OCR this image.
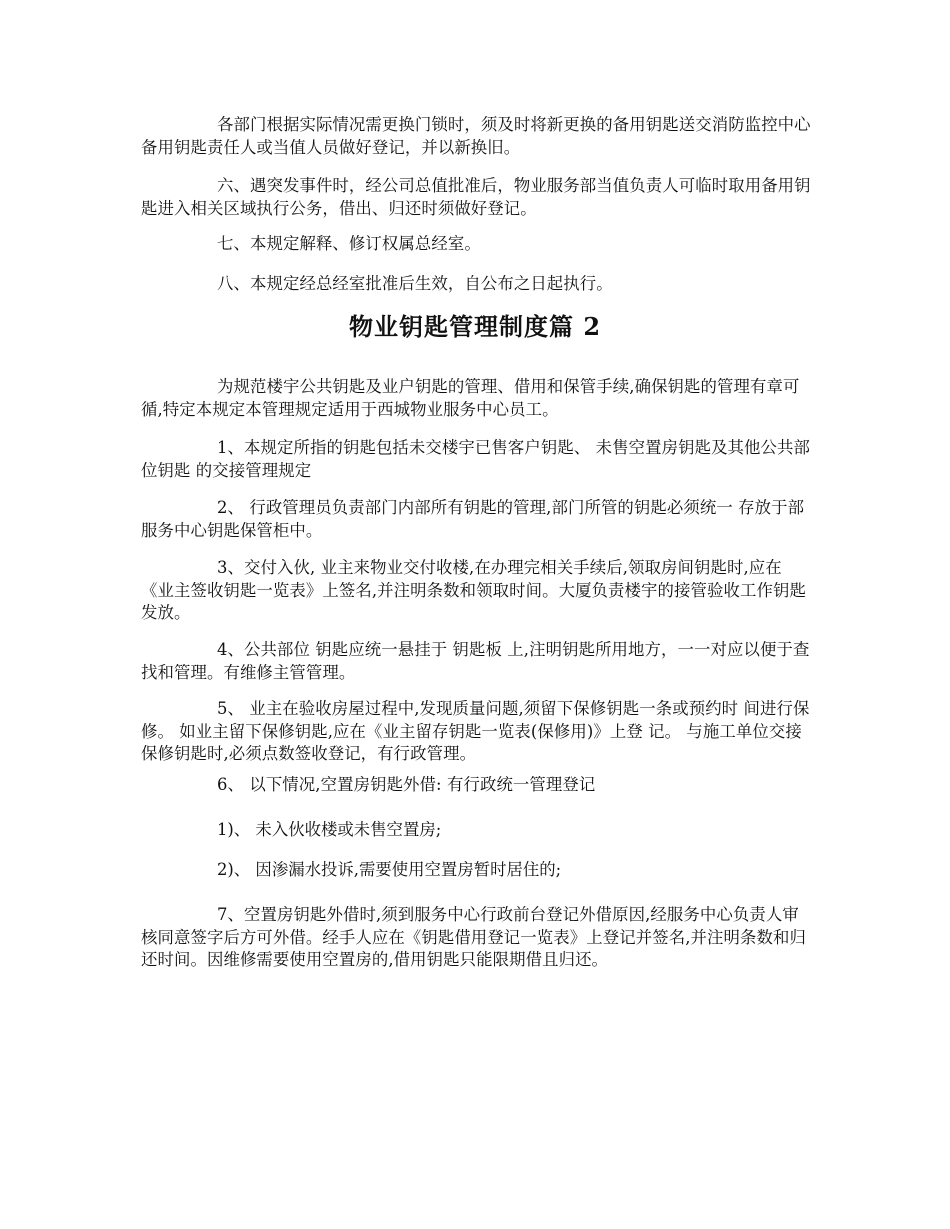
各部门根据实际情况需更换门锁时，须及时将新更换的备用钥匙送交消防监控中心备用钥匙责任人或当值人员做好登记，并以新换旧。

六、遇突发事件时，经公司总值批准后，物业服务部当值负责人可临时取用备用钥匙进入相关区域执行公务，借出、归还时须做好登记。

七、本规定解释、修订权属总经室。

八、本规定经总经室批准后生效，自公布之日起执行。

物业钥匙管理制度篇 2

为规范楼宇公共钥匙及业户钥匙的管理、借用和保管手续,确保钥匙的管理有章可循,特定本规定本管理规定适用于西城物业服务中心员工。

1、本规定所指的钥匙包括未交楼宇已售客户钥匙、 未售空置房钥匙及其他公共部位钥匙 的交接管理规定

2、 行政管理员负责部门内部所有钥匙的管理,部门所管的钥匙必须统一 存放于部服务中心钥匙保管柜中。

3、交付入伙, 业主来物业交付收楼,在办理完相关手续后,领取房间钥匙时,应在《业主签收钥匙一览表》上签名,并注明条数和领取时间。大厦负责楼宇的接管验收工作钥匙发放。

4、公共部位 钥匙应统一悬挂于 钥匙板 上,注明钥匙所用地方，一一对应以便于查找和管理。有维修主管管理。

5、 业主在验收房屋过程中,发现质量问题,须留下保修钥匙一条或预约时 间进行保修。 如业主留下保修钥匙,应在《业主留存钥匙一览表(保修用)》上登 记。 与施工单位交接保修钥匙时,必须点数签收登记，有行政管理。

6、 以下情况,空置房钥匙外借: 有行政统一管理登记

1)、 未入伙收楼或未售空置房;

2)、 因渗漏水投诉,需要使用空置房暂时居住的;

7、空置房钥匙外借时,须到服务中心行政前台登记外借原因,经服务中心负责人审核同意签字后方可外借。经手人应在《钥匙借用登记一览表》上登记并签名,并注明条数和归还时间。因维修需要使用空置房的,借用钥匙只能限期借且归还。
